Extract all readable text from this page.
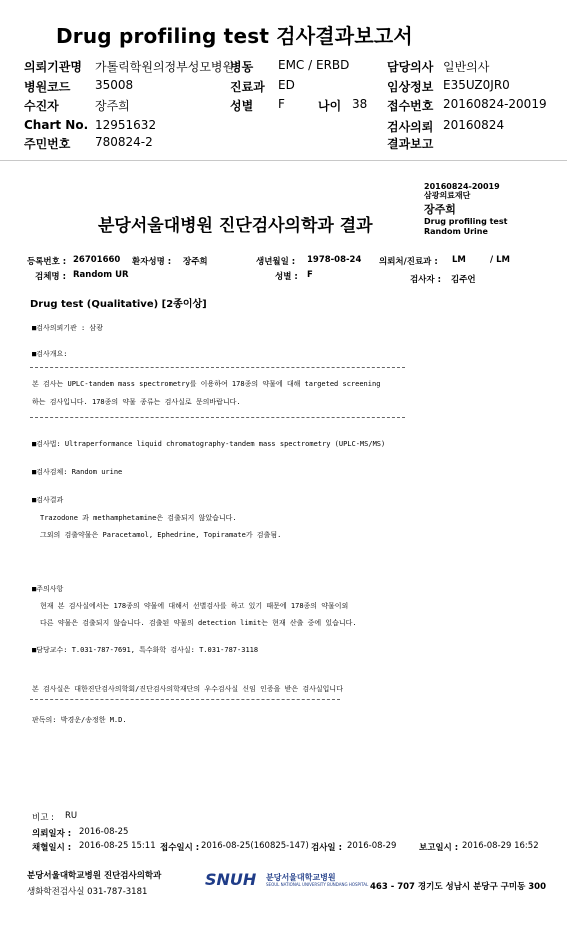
Drug profiling test 검사결과보고서
의뢰기관명 가톨릭학원의정부성모병원
병동 EMC / ERBD	담당의사 일반의사
병원코드 35008	진료과 ED	임상정보 E35UZ0JR0
수진자	장주희	성별 F	나이 38 접수번호 20160824-20019
Chart No. 12951632	검사의뢰 20160824
주민번호 780824-2	결과보고
20160824-20019
삼광의료재단
장주희
Drug profiling test
Random Urine
분당서울대병원 진단검사의학과 결과
등록번호 : 26701660 환자성명 : 장주희	생년월일 : 1978-08-24 의뢰처/진료과 : LM	/ LM
검체명 : Random UR	성별 : F	검사자 : 김주언
Drug test (Qualitative) [2종이상]
■검사의뢰기관 : 삼광
■검사개요:
본 검사는 UPLC-tandem mass spectrometry를 이용하여 178종의 약물에 대해 targeted screening
하는 검사입니다. 178종의 약물 종류는 검사실로 문의바랍니다.
■검사법: Ultraperformance liquid chromatography-tandem mass spectrometry (UPLC-MS/MS)
■검사검체: Random urine
■검사결과
Trazodone 과 methamphetamine은 검출되지 않았습니다.
그외의 검출약물은 Paracetamol, Ephedrine, Topiramate가 검출됨.
■주의사항
현재 본 검사실에서는 178종의 약물에 대해서 선별검사를 하고 있기 때문에 178종의 약물이외
다른 약물은 검출되지 않습니다. 검출된 약물의 detection limit는 현재 산출 중에 있습니다.
■담당교수: T.031-787-7691, 특수화학 검사실: T.031-787-3118
본 검사실은 대한진단검사의학회/진단검사의학재단의 우수검사실 신임 인증을 받은 검사실입니다
판독의: 박경운/송정한 M.D.
비고 : RU
의뢰일자 : 2016-08-25
채혈일시 : 2016-08-25 15:11 접수일시 : 2016-08-25(160825-147) 검사일 : 2016-08-29	보고일시 : 2016-08-29 16:52
분당서울대학교병원 진단검사의학과
생화학전검사실 031-787-3181
SNUH 분당서울대학교병원
SEOUL NATIONAL UNIVERSITY BUNDANG HOSPITAL 463 - 707 경기도 성남시 분당구 구미동 300
